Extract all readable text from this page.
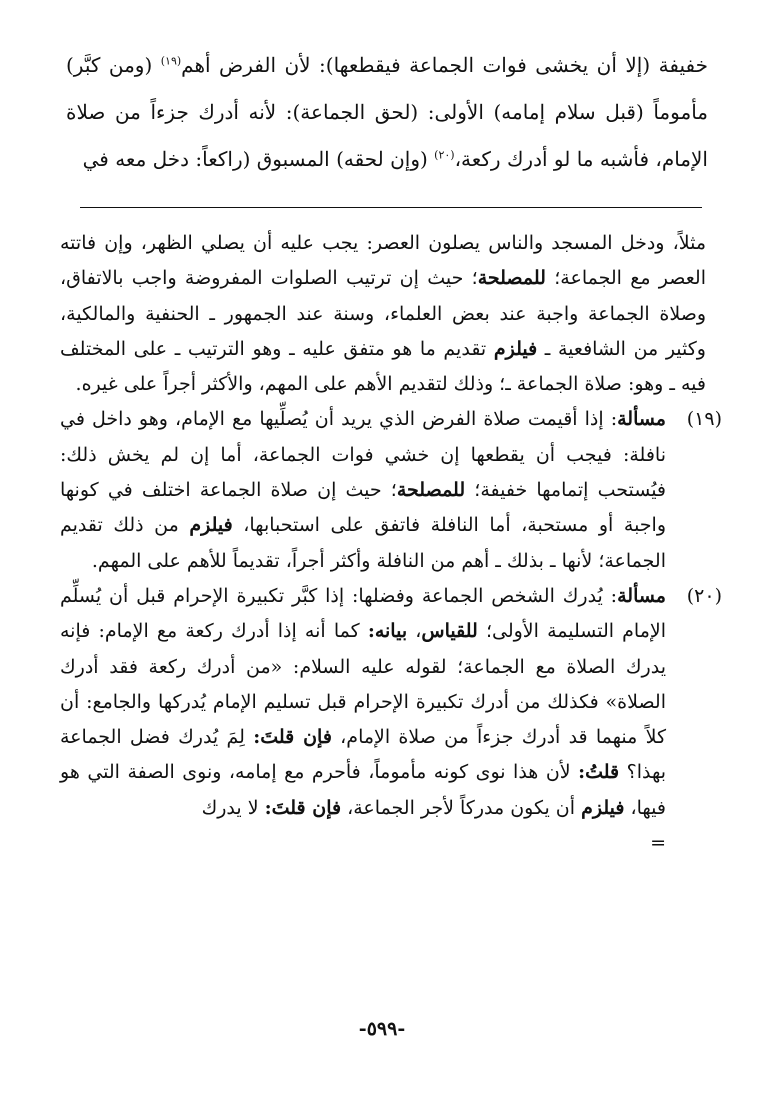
خفيفة (إلا أن يخشى فوات الجماعة فيقطعها): لأن الفرض أهم$^{(١٩)}$ (ومن كبَّر) مأموماً (قبل سلام إمامه) الأولى: (لحق الجماعة): لأنه أدرك جزءاً من صلاة الإمام، فأشبه ما لو أدرك ركعة،$^{(٢٠)}$ (وإن لحقه) المسبوق (راكعاً: دخل معه في

مثلاً، ودخل المسجد والناس يصلون العصر: يجب عليه أن يصلي الظهر، وإن فاتته العصر مع الجماعة؛ للمصلحة؛ حيث إن ترتيب الصلوات المفروضة واجب بالاتفاق، وصلاة الجماعة واجبة عند بعض العلماء، وسنة عند الجمهور ـ الحنفية والمالكية، وكثير من الشافعية ـ فيلزم تقديم ما هو متفق عليه ـ وهو الترتيب ـ على المختلف فيه ـ وهو: صلاة الجماعة ـ؛ وذلك لتقديم الأهم على المهم، والأكثر أجراً على غيره.

(١٩)

مسألة: إذا أقيمت صلاة الفرض الذي يريد أن يُصلِّيها مع الإمام، وهو داخل في نافلة: فيجب أن يقطعها إن خشي فوات الجماعة، أما إن لم يخش ذلك: فيُستحب إتمامها خفيفة؛ للمصلحة؛ حيث إن صلاة الجماعة اختلف في كونها واجبة أو مستحبة، أما النافلة فاتفق على استحبابها، فيلزم من ذلك تقديم الجماعة؛ لأنها ـ بذلك ـ أهم من النافلة وأكثر أجراً، تقديماً للأهم على المهم.

(٢٠)

مسألة: يُدرك الشخص الجماعة وفضلها: إذا كبَّر تكبيرة الإحرام قبل أن يُسلِّم الإمام التسليمة الأولى؛ للقياس، بيانه: كما أنه إذا أدرك ركعة مع الإمام: فإنه يدرك الصلاة مع الجماعة؛ لقوله عليه السلام: «من أدرك ركعة فقد أدرك الصلاة» فكذلك من أدرك تكبيرة الإحرام قبل تسليم الإمام يُدركها والجامع: أن كلاً منهما قد أدرك جزءاً من صلاة الإمام، فإن قلتَ: لِمَ يُدرك فضل الجماعة بهذا؟ قلتُ: لأن هذا نوى كونه مأموماً، فأحرم مع إمامه، ونوى الصفة التي هو فيها، فيلزم أن يكون مدركاً لأجر الجماعة، فإن قلتَ: لا يدرك

=

-٥٩٩-
